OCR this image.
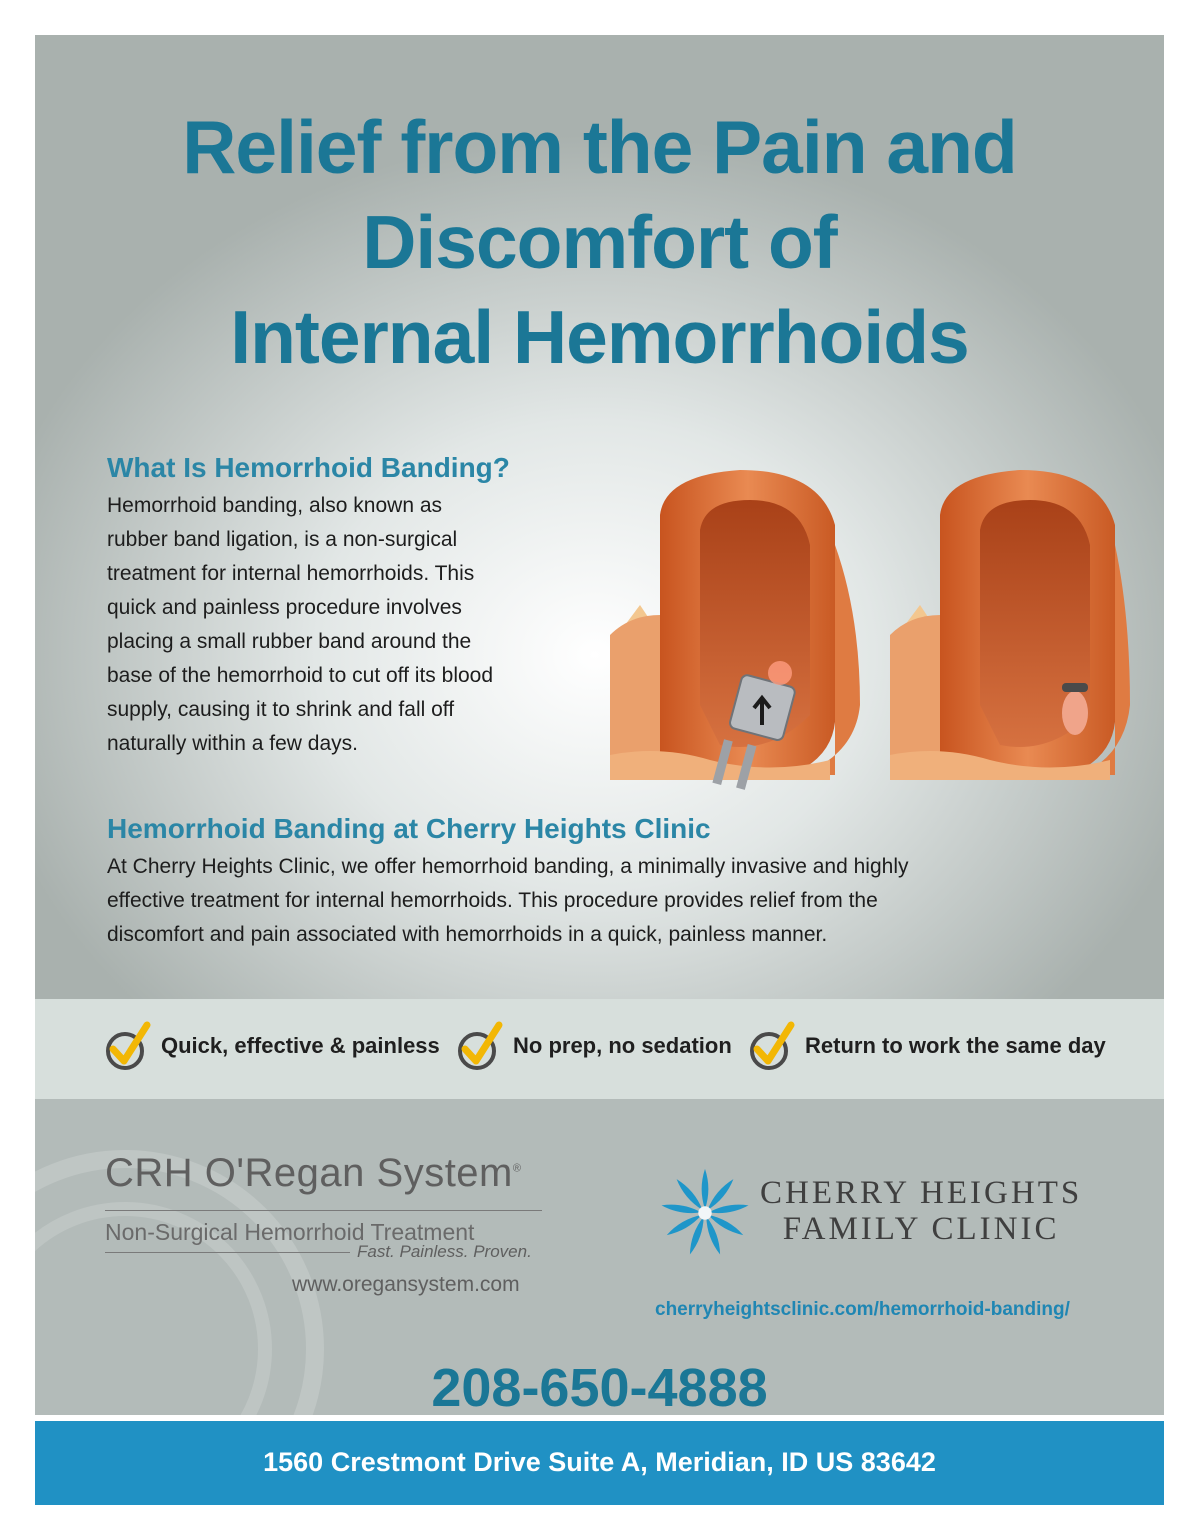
Relief from the Pain and
Discomfort of
Internal Hemorrhoids
What Is Hemorrhoid Banding?
Hemorrhoid banding, also known as
rubber band ligation, is a non-surgical
treatment for internal hemorrhoids. This
quick and painless procedure involves
placing a small rubber band around the
base of the hemorrhoid to cut off its blood
supply, causing it to shrink and fall off
naturally within a few days.
Hemorrhoid Banding at Cherry Heights Clinic
At Cherry Heights Clinic, we offer hemorrhoid banding, a minimally invasive and highly
effective treatment for internal hemorrhoids. This procedure provides relief from the
discomfort and pain associated with hemorrhoids in a quick, painless manner.
Quick, effective & painless	No prep, no sedation	Return to work the same day
CRH O'Regan System®
Non-Surgical Hemorrhoid Treatment
Fast. Painless. Proven.
www.oregansystem.com
CHERRY HEIGHTS
FAMILY CLINIC
cherryheightsclinic.com/hemorrhoid-banding/
208-650-4888
1560 Crestmont Drive Suite A, Meridian, ID US 83642
